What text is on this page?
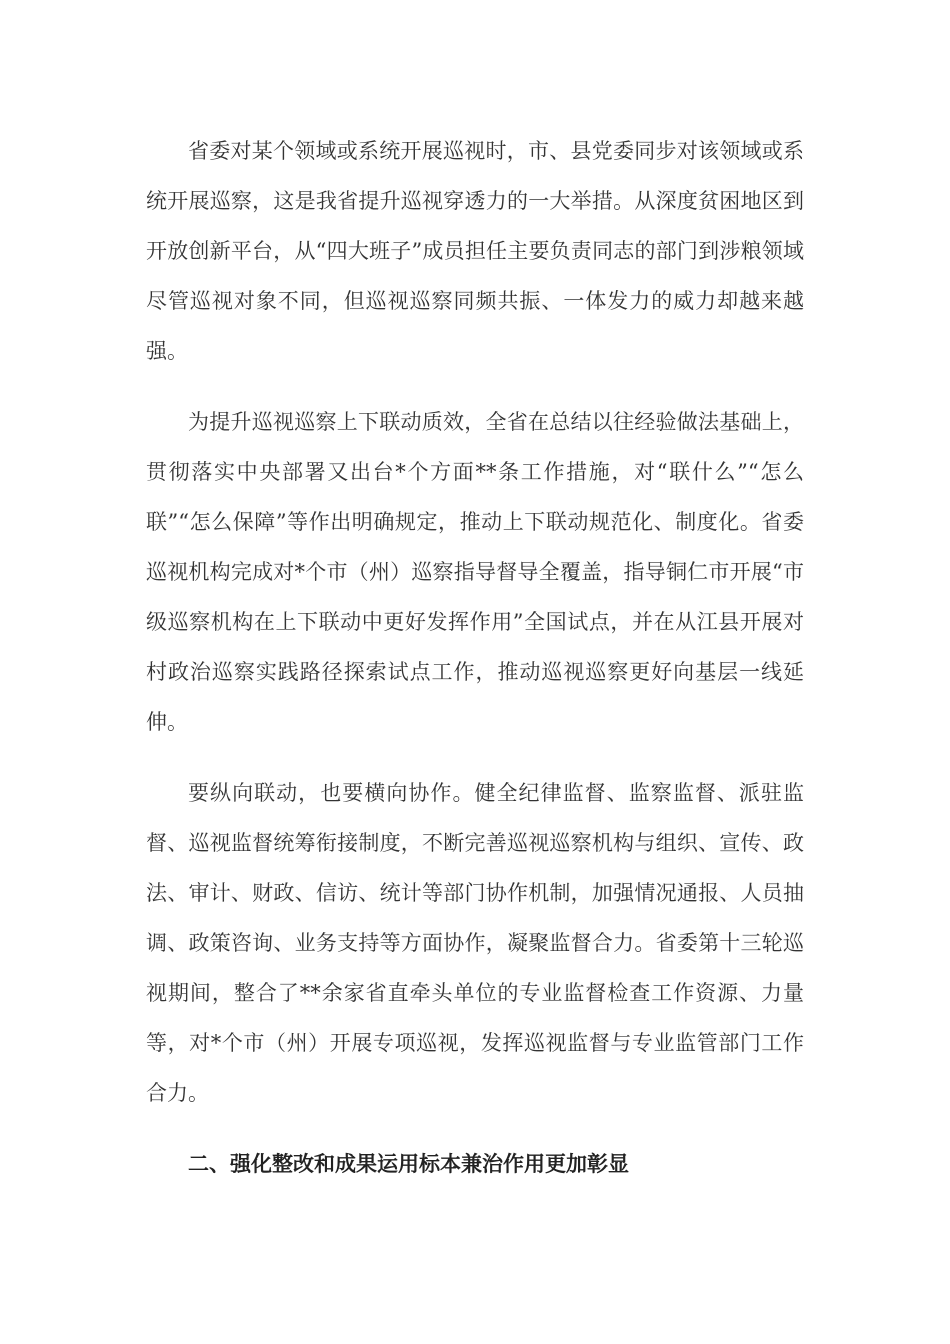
省委对某个领域或系统开展巡视时，市、县党委同步对该领域或系统开展巡察，这是我省提升巡视穿透力的一大举措。从深度贫困地区到开放创新平台，从“四大班子”成员担任主要负责同志的部门到涉粮领域尽管巡视对象不同，但巡视巡察同频共振、一体发力的威力却越来越强。

为提升巡视巡察上下联动质效，全省在总结以往经验做法基础上，贯彻落实中央部署又出台*个方面**条工作措施，对“联什么”“怎么联”“怎么保障”等作出明确规定，推动上下联动规范化、制度化。省委巡视机构完成对*个市（州）巡察指导督导全覆盖，指导铜仁市开展“市级巡察机构在上下联动中更好发挥作用”全国试点，并在从江县开展对村政治巡察实践路径探索试点工作，推动巡视巡察更好向基层一线延伸。

要纵向联动，也要横向协作。健全纪律监督、监察监督、派驻监督、巡视监督统筹衔接制度，不断完善巡视巡察机构与组织、宣传、政法、审计、财政、信访、统计等部门协作机制，加强情况通报、人员抽调、政策咨询、业务支持等方面协作，凝聚监督合力。省委第十三轮巡视期间，整合了**余家省直牵头单位的专业监督检查工作资源、力量等，对*个市（州）开展专项巡视，发挥巡视监督与专业监管部门工作合力。

二、强化整改和成果运用标本兼治作用更加彰显
